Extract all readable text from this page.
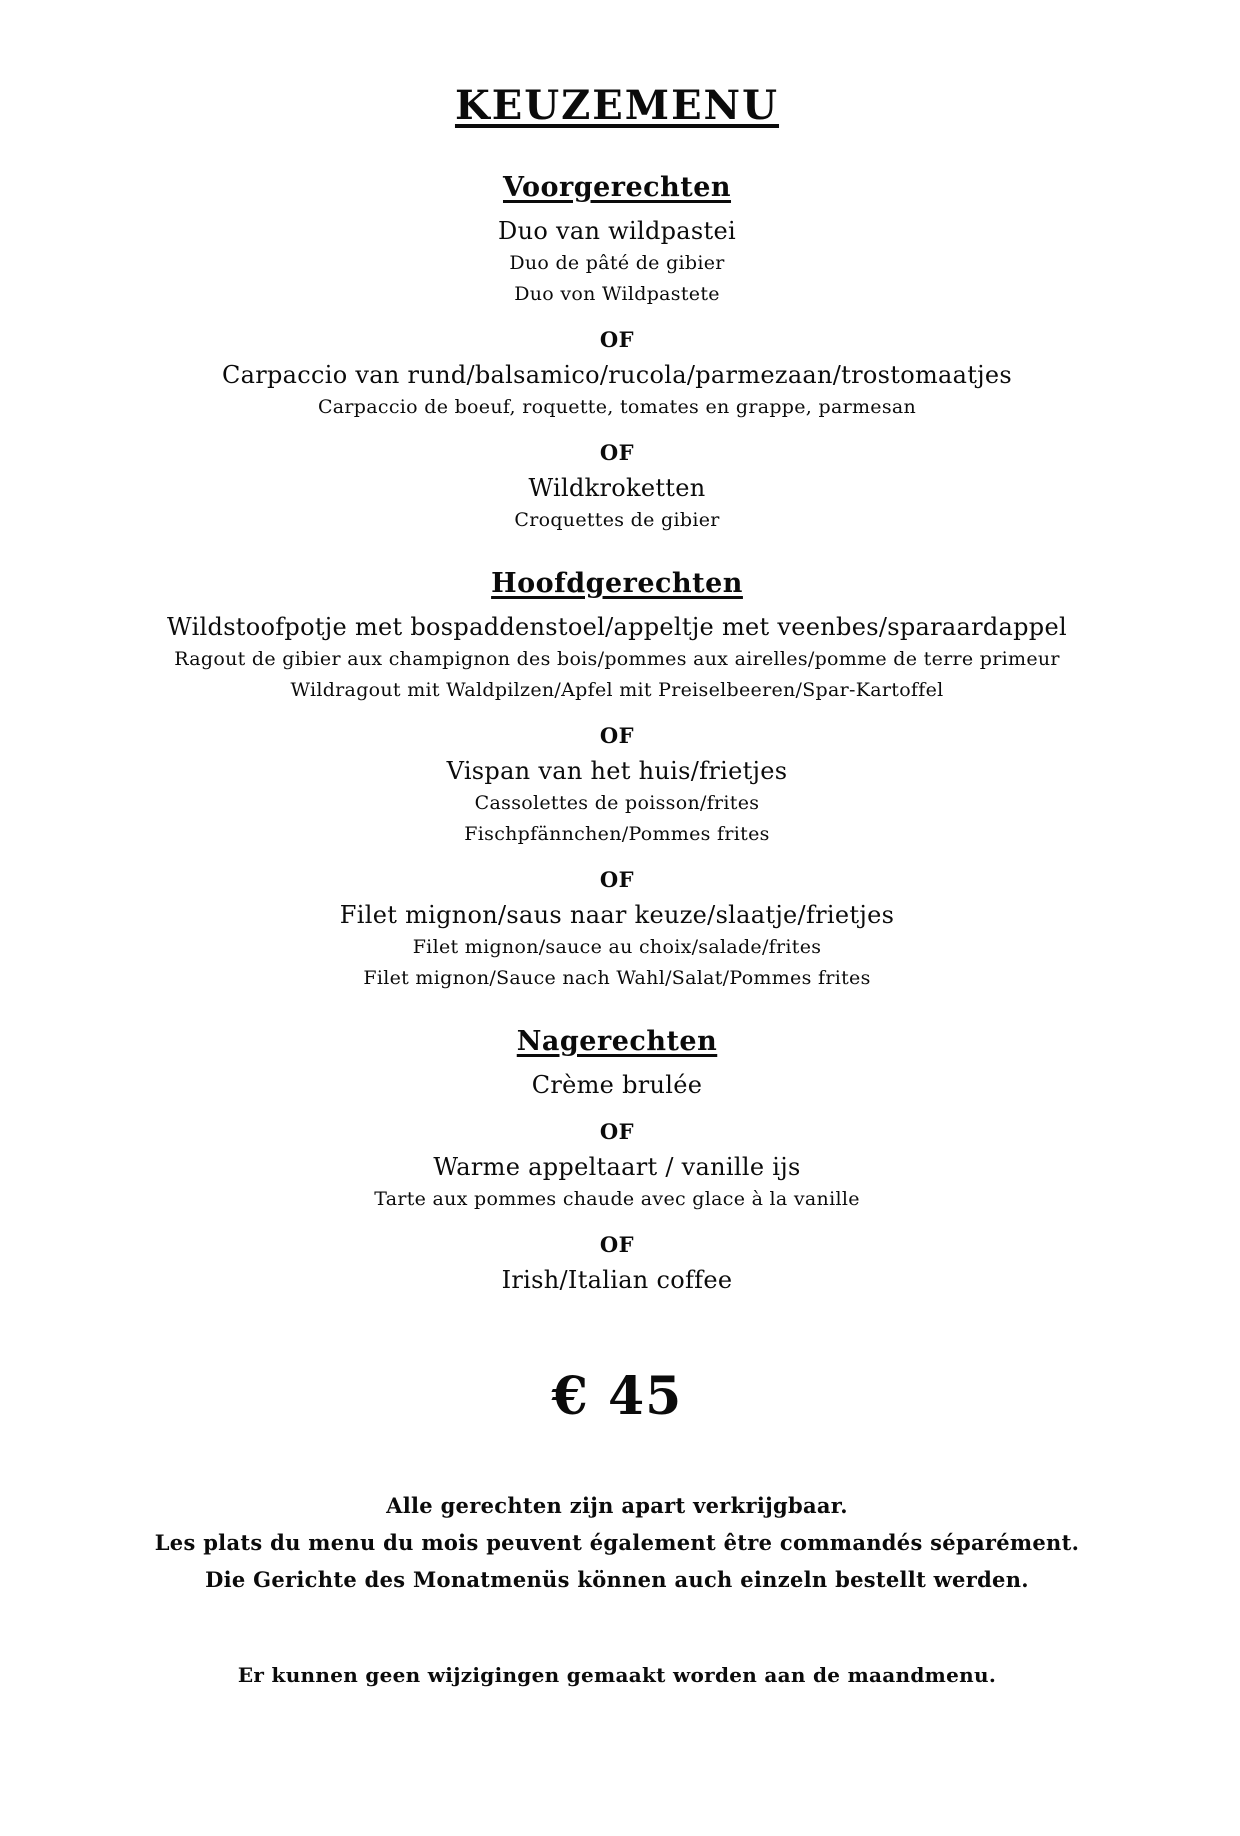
KEUZEMENU
Voorgerechten
Duo van wildpastei
Duo de pâté de gibier
Duo von Wildpastete
OF
Carpaccio van rund/balsamico/rucola/parmezaan/trostomaatjes
Carpaccio de boeuf, roquette, tomates en grappe, parmesan
OF
Wildkroketten
Croquettes de gibier
Hoofdgerechten
Wildstoofpotje met bospaddenstoel/appeltje met veenbes/sparaardappel
Ragout de gibier aux champignon des bois/pommes aux airelles/pomme de terre primeur
Wildragout mit Waldpilzen/Apfel mit Preiselbeeren/Spar-Kartoffel
OF
Vispan van het huis/frietjes
Cassolettes de poisson/frites
Fischpfännchen/Pommes frites
OF
Filet mignon/saus naar keuze/slaatje/frietjes
Filet mignon/sauce au choix/salade/frites
Filet mignon/Sauce nach Wahl/Salat/Pommes frites
Nagerechten
Crème brulée
OF
Warme appeltaart / vanille ijs
Tarte aux pommes chaude avec glace à la vanille
OF
Irish/Italian coffee
€ 45
Alle gerechten zijn apart verkrijgbaar.
Les plats du menu du mois peuvent également être commandés séparément.
Die Gerichte des Monatmenüs können auch einzeln bestellt werden.
Er kunnen geen wijzigingen gemaakt worden aan de maandmenu.
